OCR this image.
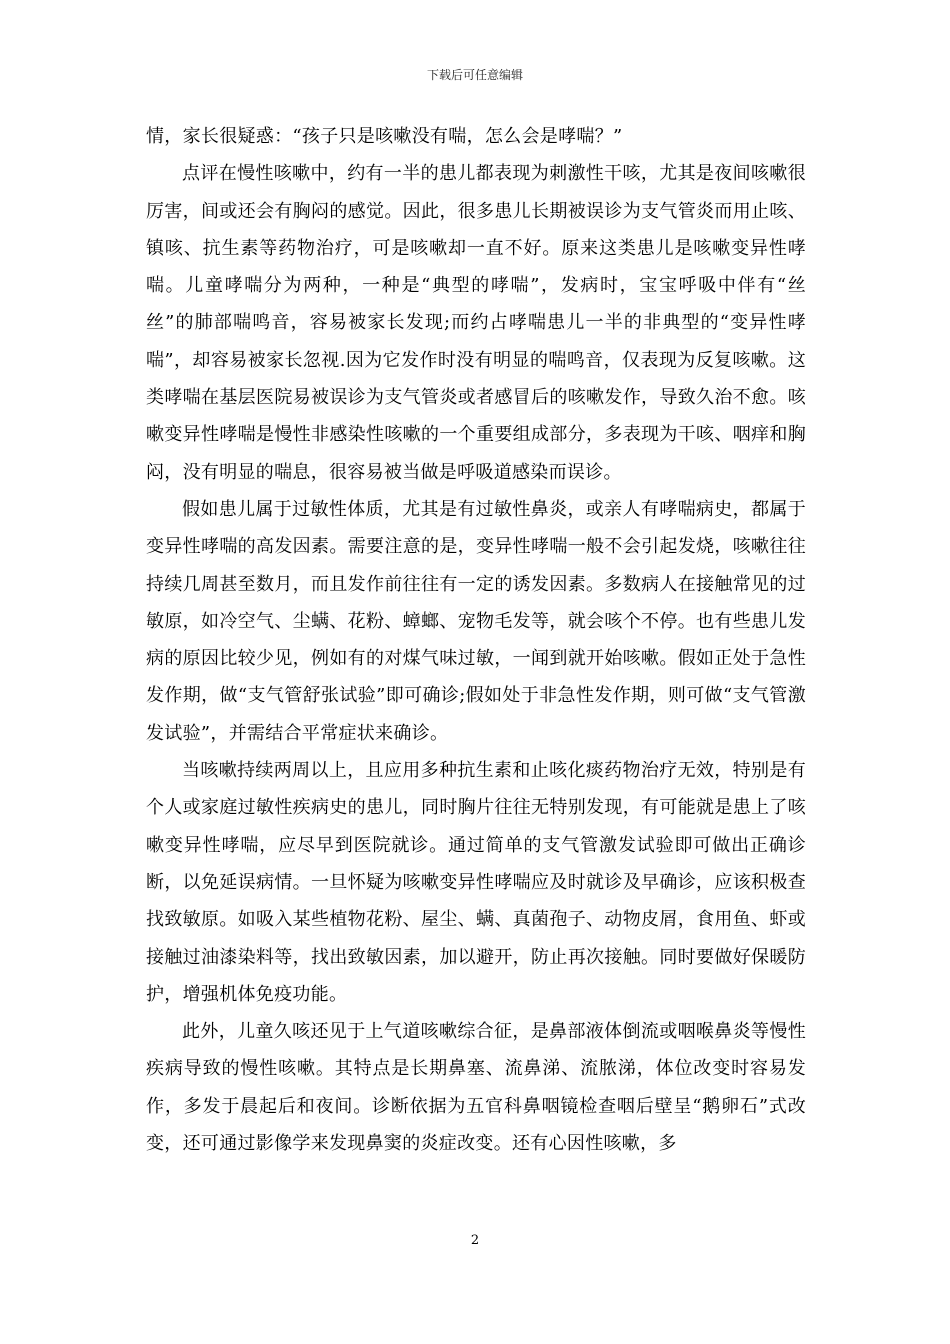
下载后可任意编辑

情，家长很疑惑：“孩子只是咳嗽没有喘，怎么会是哮喘？”

点评在慢性咳嗽中，约有一半的患儿都表现为刺激性干咳，尤其是夜间咳嗽很厉害，间或还会有胸闷的感觉。因此，很多患儿长期被误诊为支气管炎而用止咳、镇咳、抗生素等药物治疗，可是咳嗽却一直不好。原来这类患儿是咳嗽变异性哮喘。儿童哮喘分为两种，一种是“典型的哮喘”，发病时，宝宝呼吸中伴有“丝丝”的肺部喘鸣音，容易被家长发现;而约占哮喘患儿一半的非典型的“变异性哮喘”，却容易被家长忽视.因为它发作时没有明显的喘鸣音，仅表现为反复咳嗽。这类哮喘在基层医院易被误诊为支气管炎或者感冒后的咳嗽发作，导致久治不愈。咳嗽变异性哮喘是慢性非感染性咳嗽的一个重要组成部分，多表现为干咳、咽痒和胸闷，没有明显的喘息，很容易被当做是呼吸道感染而误诊。

假如患儿属于过敏性体质，尤其是有过敏性鼻炎，或亲人有哮喘病史，都属于变异性哮喘的高发因素。需要注意的是，变异性哮喘一般不会引起发烧，咳嗽往往持续几周甚至数月，而且发作前往往有一定的诱发因素。多数病人在接触常见的过敏原，如冷空气、尘螨、花粉、蟑螂、宠物毛发等，就会咳个不停。也有些患儿发病的原因比较少见，例如有的对煤气味过敏，一闻到就开始咳嗽。假如正处于急性发作期，做“支气管舒张试验”即可确诊;假如处于非急性发作期，则可做“支气管激发试验”，并需结合平常症状来确诊。

当咳嗽持续两周以上，且应用多种抗生素和止咳化痰药物治疗无效，特别是有个人或家庭过敏性疾病史的患儿，同时胸片往往无特别发现，有可能就是患上了咳嗽变异性哮喘，应尽早到医院就诊。通过简单的支气管激发试验即可做出正确诊断，以免延误病情。一旦怀疑为咳嗽变异性哮喘应及时就诊及早确诊，应该积极查找致敏原。如吸入某些植物花粉、屋尘、螨、真菌孢子、动物皮屑，食用鱼、虾或接触过油漆染料等，找出致敏因素，加以避开，防止再次接触。同时要做好保暖防护，增强机体免疫功能。

此外，儿童久咳还见于上气道咳嗽综合征，是鼻部液体倒流或咽喉鼻炎等慢性疾病导致的慢性咳嗽。其特点是长期鼻塞、流鼻涕、流脓涕，体位改变时容易发作，多发于晨起后和夜间。诊断依据为五官科鼻咽镜检查咽后壁呈“鹅卵石”式改变，还可通过影像学来发现鼻窦的炎症改变。还有心因性咳嗽，多

2
